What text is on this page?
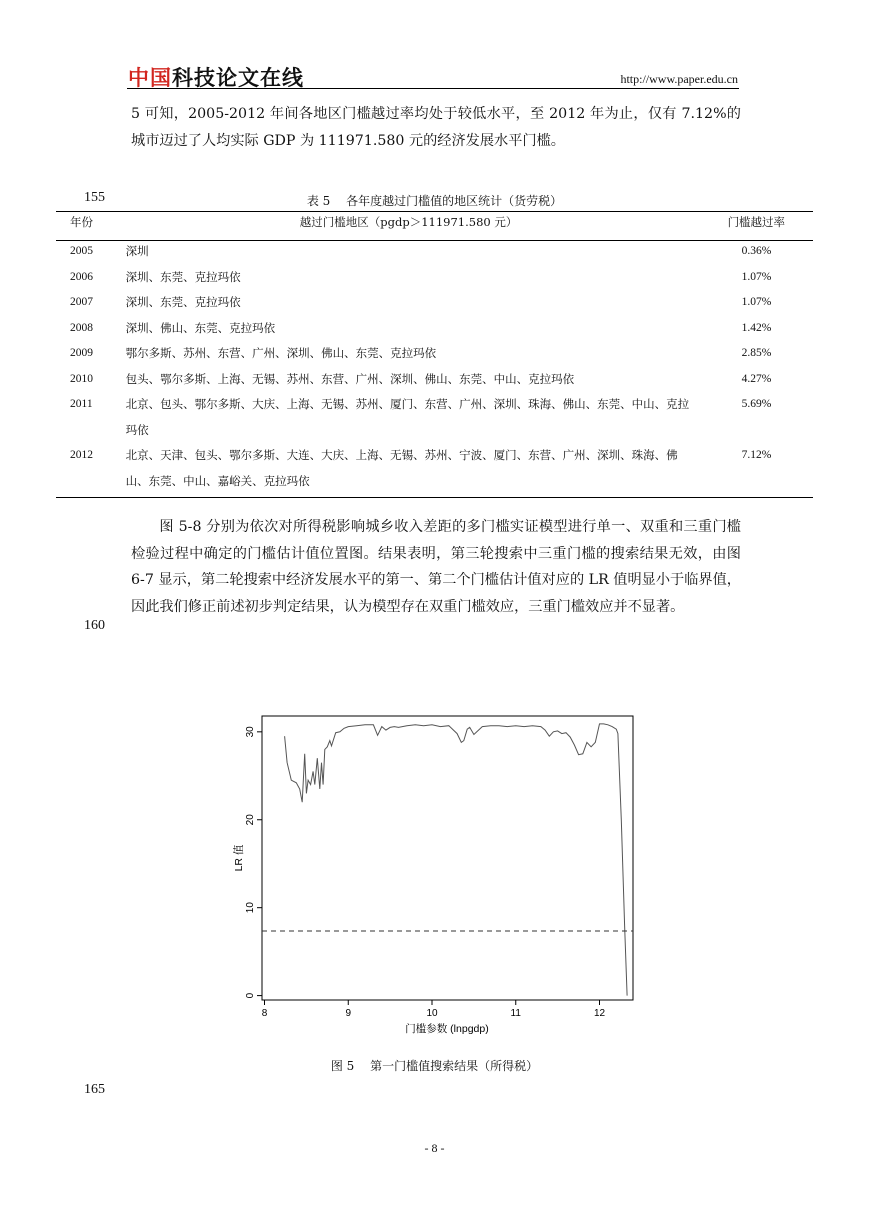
中国科技论文在线	http://www.paper.edu.cn
5 可知，2005-2012 年间各地区门槛越过率均处于较低水平，至 2012 年为止，仅有 7.12%的城市迈过了人均实际 GDP 为 111971.580 元的经济发展水平门槛。
155	表 5　 各年度越过门槛值的地区统计（货劳税）
年份	越过门槛地区（pgdp＞111971.580 元）	门槛越过率

2005	深圳	0.36%
2006	深圳、东莞、克拉玛依	1.07%
2007	深圳、东莞、克拉玛依	1.07%
2008	深圳、佛山、东莞、克拉玛依	1.42%
2009	鄂尔多斯、苏州、东营、广州、深圳、佛山、东莞、克拉玛依	2.85%
2010	包头、鄂尔多斯、上海、无锡、苏州、东营、广州、深圳、佛山、东莞、中山、克拉玛依	4.27%
2011	北京、包头、鄂尔多斯、大庆、上海、无锡、苏州、厦门、东营、广州、深圳、珠海、佛山、东莞、中山、克拉玛依	5.69%
2012	北京、天津、包头、鄂尔多斯、大连、大庆、上海、无锡、苏州、宁波、厦门、东营、广州、深圳、珠海、佛山、东莞、中山、嘉峪关、克拉玛依	7.12%
图 5-8 分别为依次对所得税影响城乡收入差距的多门槛实证模型进行单一、双重和三重门槛检验过程中确定的门槛估计值位置图。结果表明，第三轮搜索中三重门槛的搜索结果无效，由图 6-7 显示，第二轮搜索中经济发展水平的第一、第二个门槛估计值对应的 LR 值明显小于临界值，因此我们修正前述初步判定结果，认为模型存在双重门槛效应，三重门槛效应并不显著。
160
8	9	10	11	12
0
10
20
30
门槛参数 (lnpgdp)
LR 值
图 5　 第一门槛值搜索结果（所得税）
165
- 8 -
